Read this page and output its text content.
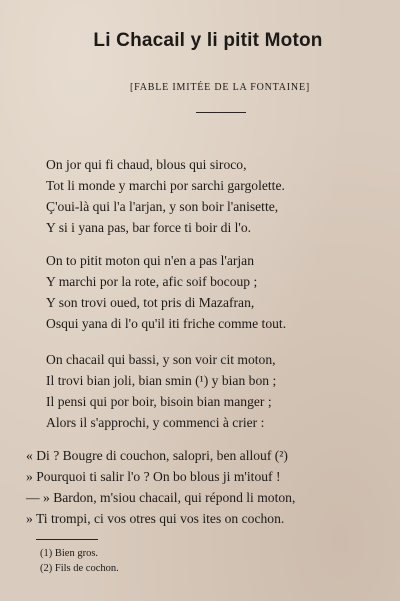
Li Chacail y li pitit Moton
[FABLE IMITÉE DE LA FONTAINE]
On jor qui fi chaud, blous qui siroco,
Tot li monde y marchi por sarchi gargolette.
Ç'oui-là qui l'a l'arjan, y son boir l'anisette,
Y si i yana pas, bar force ti boir di l'o.
On to pitit moton qui n'en a pas l'arjan
Y marchi por la rote, afic soif bocoup ;
Y son trovi oued, tot pris di Mazafran,
Osqui yana di l'o qu'il iti friche comme tout.
On chacail qui bassi, y son voir cit moton,
Il trovi bian joli, bian smin (¹) y bian bon ;
Il pensi qui por boir, bisoin bian manger ;
Alors il s'approchi, y commenci à crier :
« Di ? Bougre di couchon, salopri, ben allouf (²)
» Pourquoi ti salir l'o ? On bo blous ji m'itouf !
— » Bardon, m'siou chacail, qui répond li moton,
» Ti trompi, ci vos otres qui vos ites on cochon.
(1) Bien gros.
(2) Fils de cochon.
